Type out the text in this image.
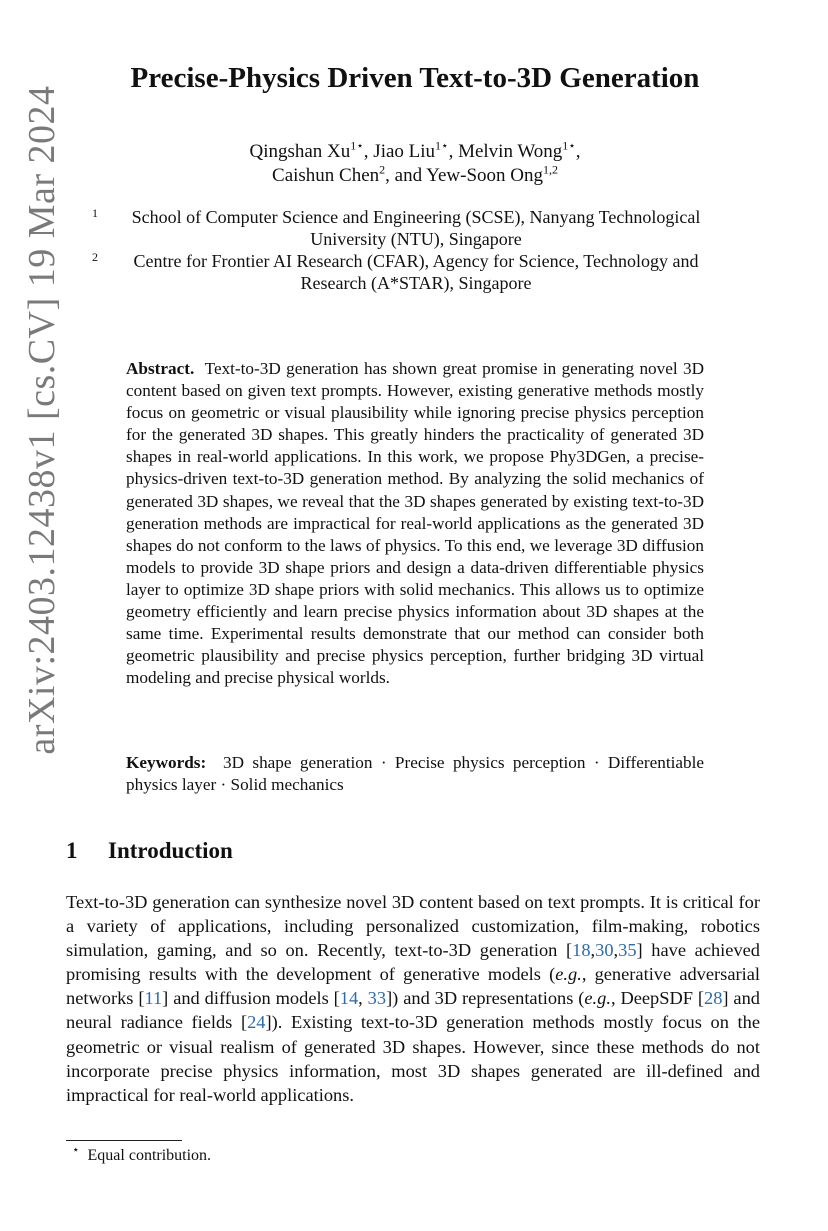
arXiv:2403.12438v1 [cs.CV] 19 Mar 2024
Precise-Physics Driven Text-to-3D Generation
Qingshan $Xu^{1⋆}$, Jiao Liu$^{1⋆}$, Melvin Wong$^{1⋆}$,
Caishun Chen$^2$, and Yew-Soon Ong$^{1,2}$
1	School of Computer Science and Engineering (SCSE), Nanyang Technological
University (NTU), Singapore
2	Centre for Frontier AI Research (CFAR), Agency for Science, Technology and
Research (A*STAR), Singapore
Abstract. Text-to-3D generation has shown great promise in generating novel 3D content based on given text prompts. However, existing generative methods mostly focus on geometric or visual plausibility while ignoring precise physics perception for the generated 3D shapes. This greatly hinders the practicality of generated 3D shapes in real-world applications. In this work, we propose Phy3DGen, a precise-physics-driven text-to-3D generation method. By analyzing the solid mechanics of generated 3D shapes, we reveal that the 3D shapes generated by existing text-to-3D generation methods are impractical for real-world applications as the generated 3D shapes do not conform to the laws of physics. To this end, we leverage 3D diffusion models to provide 3D shape priors and design a data-driven differentiable physics layer to optimize 3D shape priors with solid mechanics. This allows us to optimize geometry efficiently and learn precise physics information about 3D shapes at the same time. Experimental results demonstrate that our method can consider both geometric plausibility and precise physics perception, further bridging 3D virtual modeling and precise physical worlds.
Keywords: 3D shape generation · Precise physics perception · Differentiable physics layer · Solid mechanics
1 Introduction
Text-to-3D generation can synthesize novel 3D content based on text prompts. It is critical for a variety of applications, including personalized customization, film-making, robotics simulation, gaming, and so on. Recently, text-to-3D generation [18,30,35] have achieved promising results with the development of generative models (e.g., generative adversarial networks [11] and diffusion models [14, 33]) and 3D representations (e.g., DeepSDF [28] and neural radiance fields [24]). Existing text-to-3D generation methods mostly focus on the geometric or visual realism of generated 3D shapes. However, since these methods do not incorporate precise physics information, most 3D shapes generated are ill-defined and impractical for real-world applications.
⋆ Equal contribution.
